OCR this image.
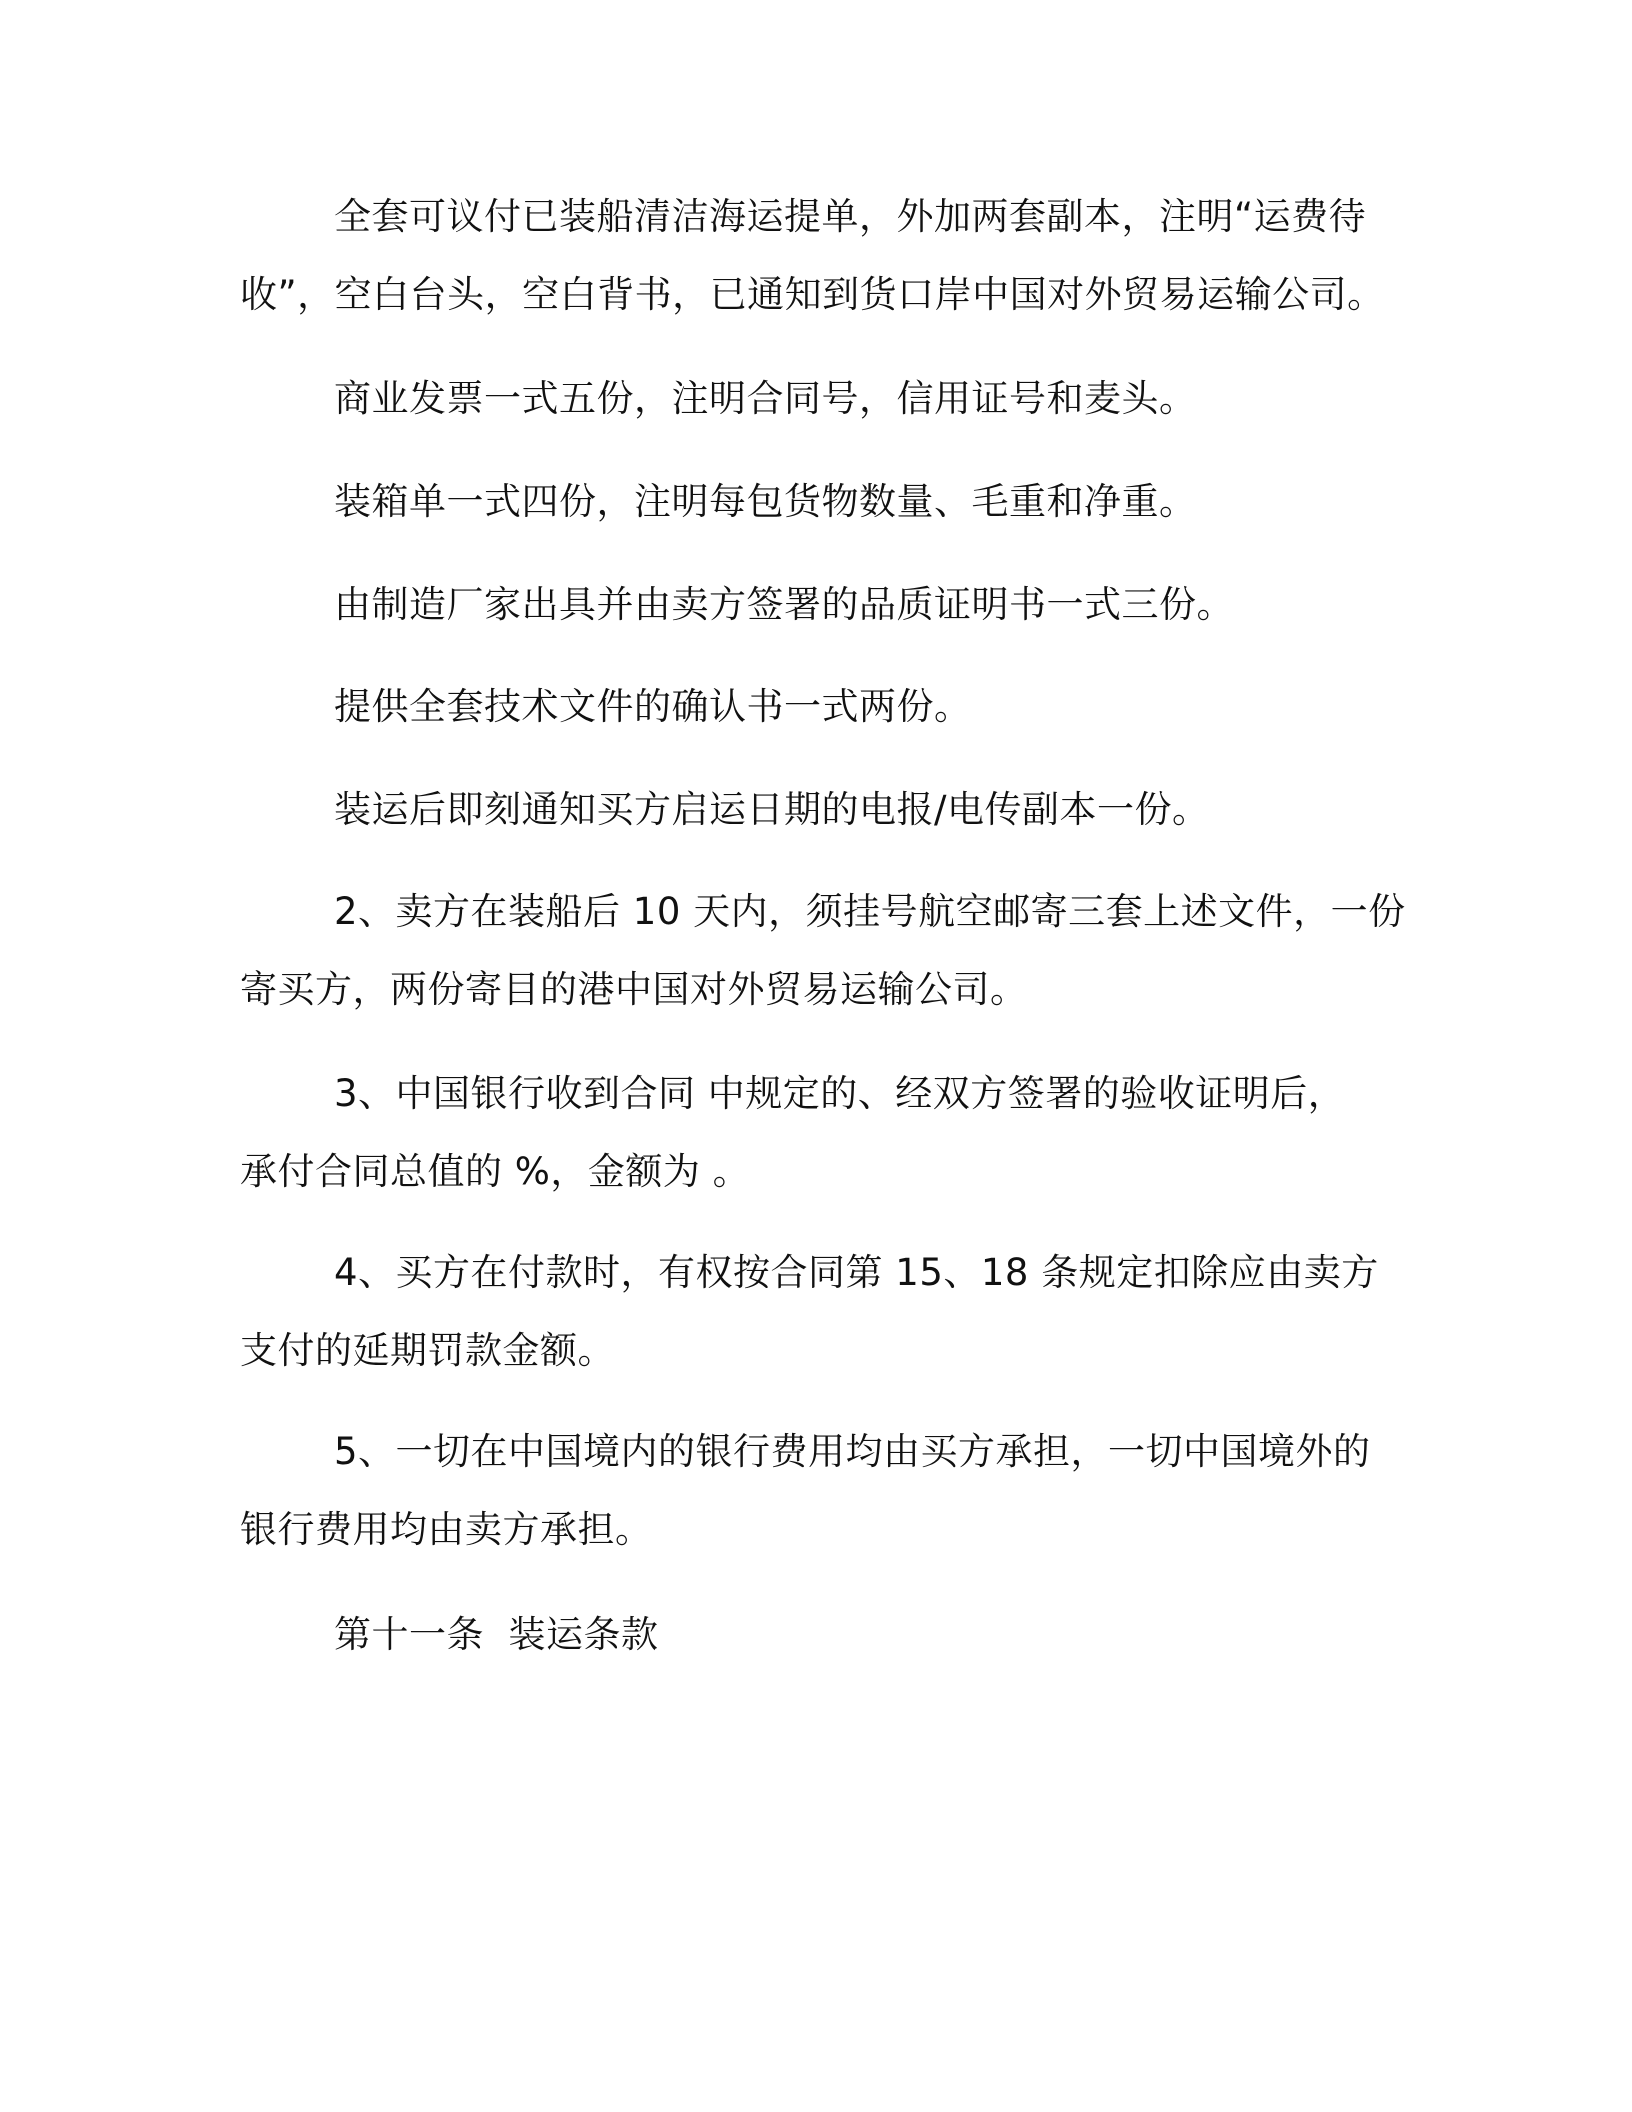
全套可议付已装船清洁海运提单，外加两套副本，注明“运费待
收”，空白台头，空白背书，已通知到货口岸中国对外贸易运输公司。
商业发票一式五份，注明合同号，信用证号和麦头。
装箱单一式四份，注明每包货物数量、毛重和净重。
由制造厂家出具并由卖方签署的品质证明书一式三份。
提供全套技术文件的确认书一式两份。
装运后即刻通知买方启运日期的电报/电传副本一份。
2、卖方在装船后 10 天内，须挂号航空邮寄三套上述文件，一份
寄买方，两份寄目的港中国对外贸易运输公司。
3、中国银行收到合同 中规定的、经双方签署的验收证明后，
承付合同总值的 %，金额为 。
4、买方在付款时，有权按合同第 15、18 条规定扣除应由卖方
支付的延期罚款金额。
5、一切在中国境内的银行费用均由买方承担，一切中国境外的
银行费用均由卖方承担。
第十一条  装运条款
